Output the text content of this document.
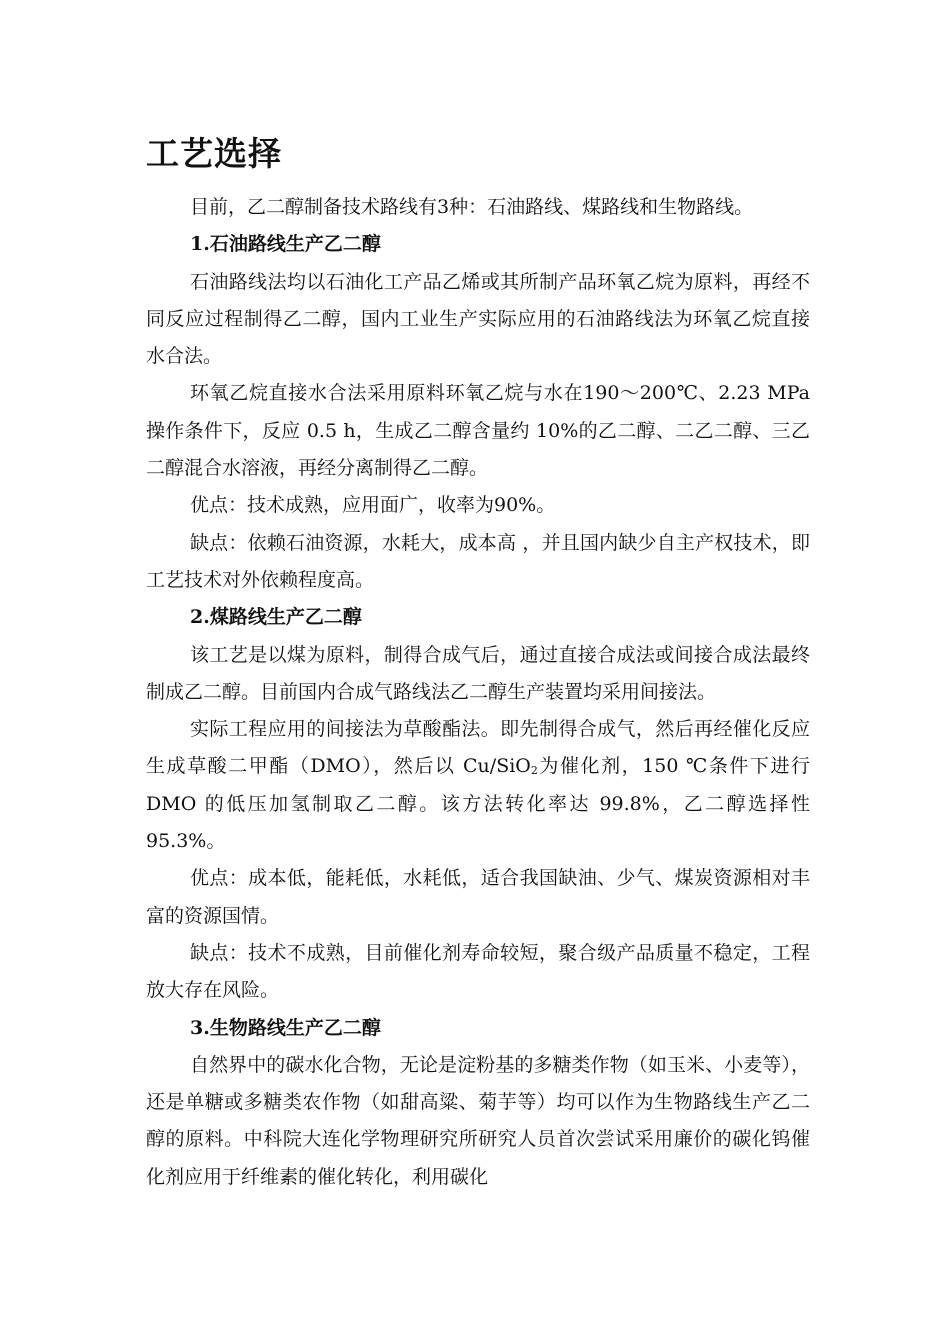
工艺选择

目前，乙二醇制备技术路线有3种：石油路线、煤路线和生物路线。

1.石油路线生产乙二醇

石油路线法均以石油化工产品乙烯或其所制产品环氧乙烷为原料，再经不同反应过程制得乙二醇，国内工业生产实际应用的石油路线法为环氧乙烷直接水合法。

环氧乙烷直接水合法采用原料环氧乙烷与水在190～200℃、2.23 MPa操作条件下，反应 0.5 h，生成乙二醇含量约 10%的乙二醇、二乙二醇、三乙二醇混合水溶液，再经分离制得乙二醇。

优点：技术成熟，应用面广，收率为90%。

缺点：依赖石油资源，水耗大，成本高 ，并且国内缺少自主产权技术，即工艺技术对外依赖程度高。

2.煤路线生产乙二醇

该工艺是以煤为原料，制得合成气后，通过直接合成法或间接合成法最终制成乙二醇。目前国内合成气路线法乙二醇生产装置均采用间接法。

实际工程应用的间接法为草酸酯法。即先制得合成气，然后再经催化反应生成草酸二甲酯（DMO），然后以 Cu/SiO$_2$为催化剂，150 ℃条件下进行 DMO 的低压加氢制取乙二醇。该方法转化率达 99.8%，乙二醇选择性 95.3%。

优点：成本低，能耗低，水耗低，适合我国缺油、少气、煤炭资源相对丰富的资源国情。

缺点：技术不成熟，目前催化剂寿命较短，聚合级产品质量不稳定，工程放大存在风险。

3.生物路线生产乙二醇

自然界中的碳水化合物，无论是淀粉基的多糖类作物（如玉米、小麦等），还是单糖或多糖类农作物（如甜高粱、菊芋等）均可以作为生物路线生产乙二醇的原料。中科院大连化学物理研究所研究人员首次尝试采用廉价的碳化钨催化剂应用于纤维素的催化转化，利用碳化
